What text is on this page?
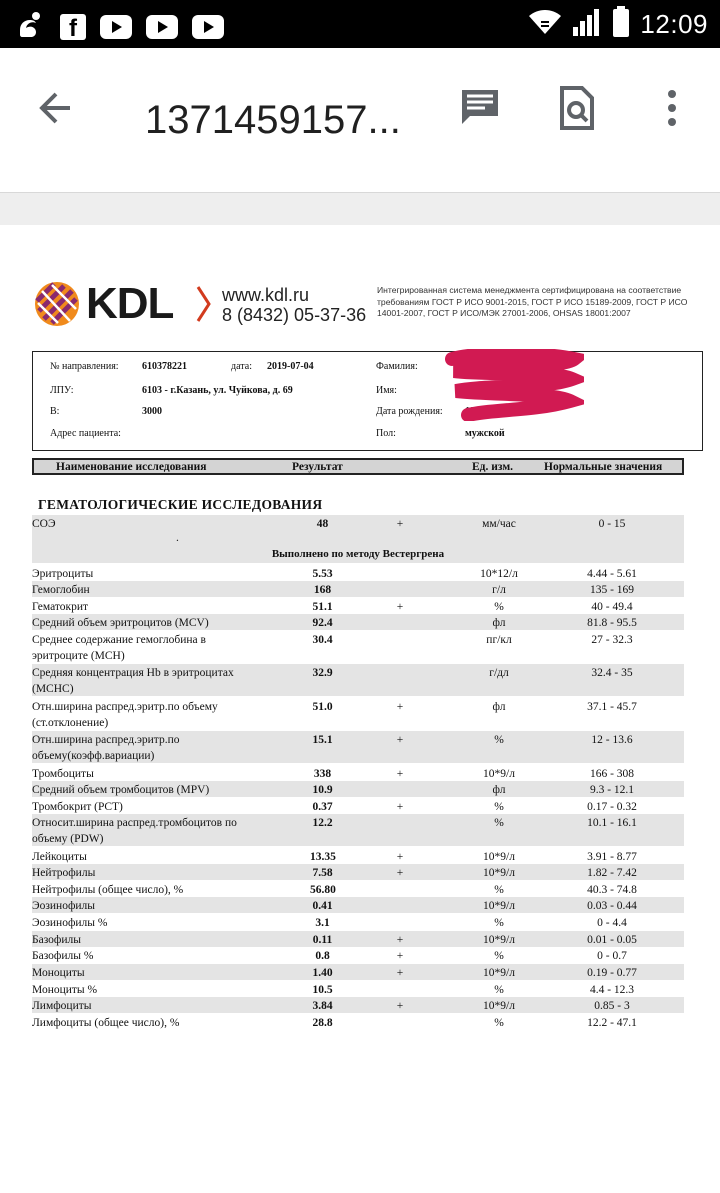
f	12:09
1371459157...
KDL	www.kdl.ru
8 (8432) 05-37-36
Интегрированная система менеджмента сертифицирована на соответствие требованиям ГОСТ Р ИСО 9001-2015, ГОСТ Р ИСО 15189-2009, ГОСТ Р ИСО 14001-2007, ГОСТ Р ИСО/МЭК 27001-2006, OHSAS 18001:2007
№ направления: 610378221	дата: 2019-07-04
ЛПУ:	6103 - г.Казань, ул. Чуйкова, д. 69
В:	3000
Адрес пациента:
Фамилия:
Имя:
Дата рождения: 19
Пол:	мужской
Наименование исследования	Результат	Ед. изм.	Нормальные значения
ГЕМАТОЛОГИЧЕСКИЕ ИССЛЕДОВАНИЯ
СОЭ	48	+	мм/час	0 - 15
.
Выполнено по методу Вестергрена
Эритроциты	5.53	10*12/л	4.44 - 5.61
Гемоглобин	168	г/л	135 - 169
Гематокрит	51.1	+	%	40 - 49.4
Средний объем эритроцитов (MCV)	92.4	фл	81.8 - 95.5
Среднее содержание гемоглобина в эритроците (MCH)
30.4	пг/кл	27 - 32.3
Средняя концентрация Hb в эритроцитах (MCHC)
32.9	г/дл	32.4 - 35
Отн.ширина распред.эритр.по объему (ст.отклонение)
51.0	+	фл	37.1 - 45.7
Отн.ширина распред.эритр.по объему(коэфф.вариации)
15.1	+	%	12 - 13.6
Тромбоциты	338	+	10*9/л	166 - 308
Средний объем тромбоцитов (MPV)	10.9	фл	9.3 - 12.1
Тромбокрит (PCT)	0.37	+	%	0.17 - 0.32
Относит.ширина распред.тромбоцитов по объему (PDW)
12.2	%	10.1 - 16.1
Лейкоциты	13.35	+	10*9/л	3.91 - 8.77
Нейтрофилы	7.58	+	10*9/л	1.82 - 7.42
Нейтрофилы (общее число), %	56.80	%	40.3 - 74.8
Эозинофилы	0.41	10*9/л	0.03 - 0.44
Эозинофилы %	3.1	%	0 - 4.4
Базофилы	0.11	+	10*9/л	0.01 - 0.05
Базофилы %	0.8	+	%	0 - 0.7
Моноциты	1.40	+	10*9/л	0.19 - 0.77
Моноциты %	10.5	%	4.4 - 12.3
Лимфоциты	3.84	+	10*9/л	0.85 - 3
Лимфоциты (общее число), %	28.8	%	12.2 - 47.1
